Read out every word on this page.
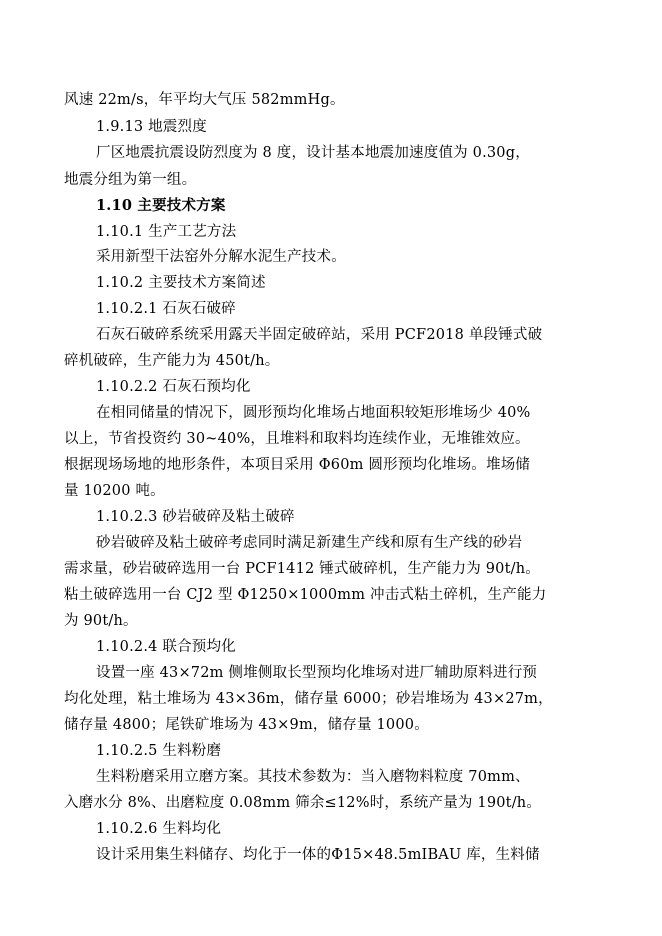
风速 22m/s，年平均大气压 582mmHg。
1.9.13 地震烈度
厂区地震抗震设防烈度为 8 度，设计基本地震加速度值为 0.30g，
地震分组为第一组。
1.10 主要技术方案
1.10.1 生产工艺方法
采用新型干法窑外分解水泥生产技术。
1.10.2 主要技术方案简述
1.10.2.1 石灰石破碎
石灰石破碎系统采用露天半固定破碎站，采用 PCF2018 单段锤式破
碎机破碎，生产能力为 450t/h。
1.10.2.2 石灰石预均化
在相同储量的情况下，圆形预均化堆场占地面积较矩形堆场少 40%
以上，节省投资约 30~40%，且堆料和取料均连续作业，无堆锥效应。
根据现场场地的地形条件，本项目采用 Φ60m 圆形预均化堆场。堆场储
量 10200 吨。
1.10.2.3 砂岩破碎及粘土破碎
砂岩破碎及粘土破碎考虑同时满足新建生产线和原有生产线的砂岩
需求量，砂岩破碎选用一台 PCF1412 锤式破碎机，生产能力为 90t/h。
粘土破碎选用一台 CJ2 型 Φ1250×1000mm 冲击式粘土碎机，生产能力
为 90t/h。
1.10.2.4 联合预均化
设置一座 43×72m 侧堆侧取长型预均化堆场对进厂辅助原料进行预
均化处理，粘土堆场为 43×36m，储存量 6000；砂岩堆场为 43×27m，
储存量 4800；尾铁矿堆场为 43×9m，储存量 1000。
1.10.2.5 生料粉磨
生料粉磨采用立磨方案。其技术参数为：当入磨物料粒度 70mm、
入磨水分 8%、出磨粒度 0.08mm 筛余≤12%时，系统产量为 190t/h。
1.10.2.6 生料均化
设计采用集生料储存、均化于一体的Φ15×48.5mIBAU 库，生料储
